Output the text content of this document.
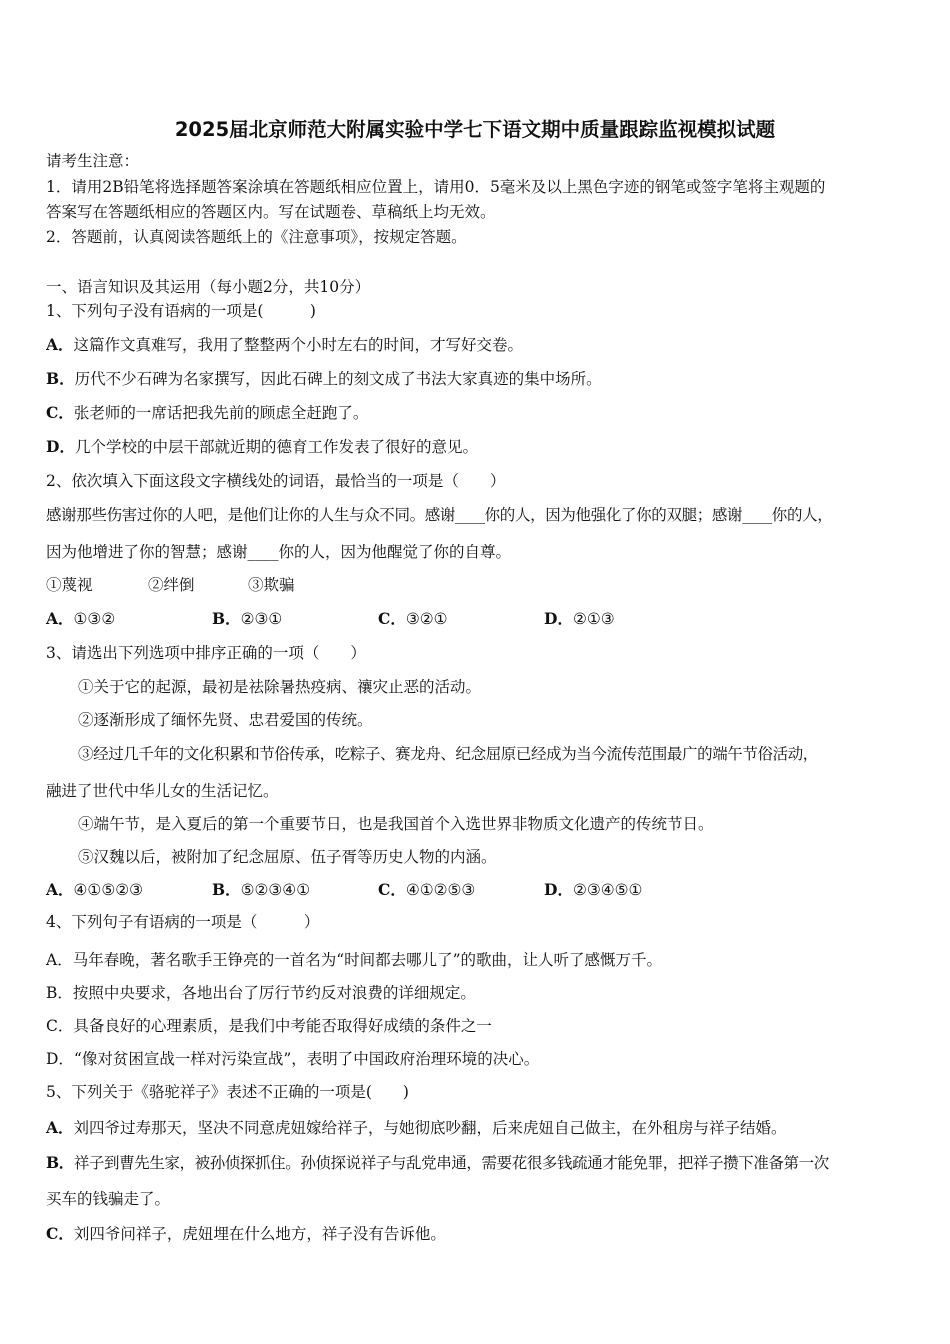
2025届北京师范大附属实验中学七下语文期中质量跟踪监视模拟试题
请考生注意：
1．请用2B铅笔将选择题答案涂填在答题纸相应位置上，请用0．5毫米及以上黑色字迹的钢笔或签字笔将主观题的
答案写在答题纸相应的答题区内。写在试题卷、草稿纸上均无效。
2．答题前，认真阅读答题纸上的《注意事项》，按规定答题。
一、语言知识及其运用（每小题2分，共10分）
1、下列句子没有语病的一项是(　　　)
A．这篇作文真难写，我用了整整两个小时左右的时间，才写好交卷。
B．历代不少石碑为名家撰写，因此石碑上的刻文成了书法大家真迹的集中场所。
C．张老师的一席话把我先前的顾虑全赶跑了。
D．几个学校的中层干部就近期的德育工作发表了很好的意见。
2、依次填入下面这段文字横线处的词语，最恰当的一项是（　　）
感谢那些伤害过你的人吧，是他们让你的人生与众不同。感谢____你的人，因为他强化了你的双腿；感谢____你的人，
因为他增进了你的智慧；感谢____你的人，因为他醒觉了你的自尊。
①蔑视	②绊倒	③欺骗
A．①③②	B．②③①	C．③②①	D．②①③
3、请选出下列选项中排序正确的一项（　　）
①关于它的起源，最初是祛除暑热疫病、禳灾止恶的活动。
②逐渐形成了缅怀先贤、忠君爱国的传统。
③经过几千年的文化积累和节俗传承，吃粽子、赛龙舟、纪念屈原已经成为当今流传范围最广的端午节俗活动，
融进了世代中华儿女的生活记忆。
④端午节，是入夏后的第一个重要节日，也是我国首个入选世界非物质文化遗产的传统节日。
⑤汉魏以后，被附加了纪念屈原、伍子胥等历史人物的内涵。
A．④①⑤②③	B．⑤②③④①	C．④①②⑤③	D．②③④⑤①
4、下列句子有语病的一项是（　　　）
A．马年春晚，著名歌手王铮亮的一首名为“时间都去哪儿了”的歌曲，让人听了感慨万千。
B．按照中央要求，各地出台了厉行节约反对浪费的详细规定。
C．具备良好的心理素质，是我们中考能否取得好成绩的条件之一
D．“像对贫困宣战一样对污染宣战”，表明了中国政府治理环境的决心。
5、下列关于《骆驼祥子》表述不正确的一项是(　　)
A．刘四爷过寿那天，坚决不同意虎妞嫁给祥子，与她彻底吵翻，后来虎妞自己做主，在外租房与祥子结婚。
B．祥子到曹先生家，被孙侦探抓住。孙侦探说祥子与乱党串通，需要花很多钱疏通才能免罪，把祥子攒下准备第一次
买车的钱骗走了。
C．刘四爷问祥子，虎妞埋在什么地方，祥子没有告诉他。
